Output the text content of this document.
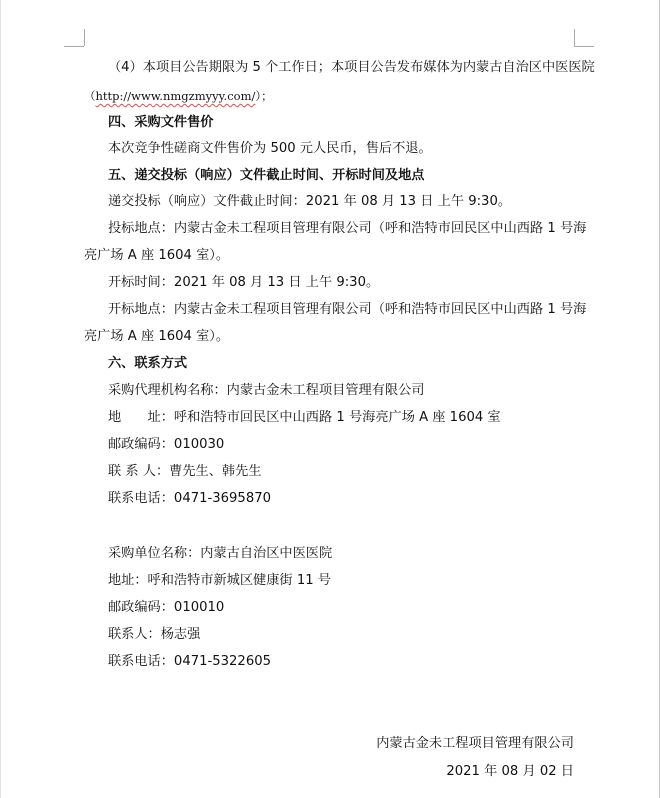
（4）本项目公告期限为 5 个工作日；本项目公告发布媒体为内蒙古自治区中医医院
（http://www.nmgzmyyy.com/）；
四、采购文件售价
本次竞争性磋商文件售价为 500 元人民币，售后不退。
五、递交投标（响应）文件截止时间、开标时间及地点
递交投标（响应）文件截止时间：2021 年 08 月 13 日 上午 9:30。
投标地点：内蒙古金未工程项目管理有限公司（呼和浩特市回民区中山西路 1 号海
亮广场 A 座 1604 室）。
开标时间：2021 年 08 月 13 日 上午 9:30。
开标地点：内蒙古金未工程项目管理有限公司（呼和浩特市回民区中山西路 1 号海
亮广场 A 座 1604 室）。
六、联系方式
采购代理机构名称：内蒙古金未工程项目管理有限公司
地　　址：呼和浩特市回民区中山西路 1 号海亮广场 A 座 1604 室
邮政编码：010030
联 系 人：曹先生、韩先生
联系电话：0471-3695870
采购单位名称：内蒙古自治区中医医院
地址：呼和浩特市新城区健康街 11 号
邮政编码：010010
联系人：杨志强
联系电话：0471-5322605
内蒙古金未工程项目管理有限公司
2021 年 08 月 02 日
